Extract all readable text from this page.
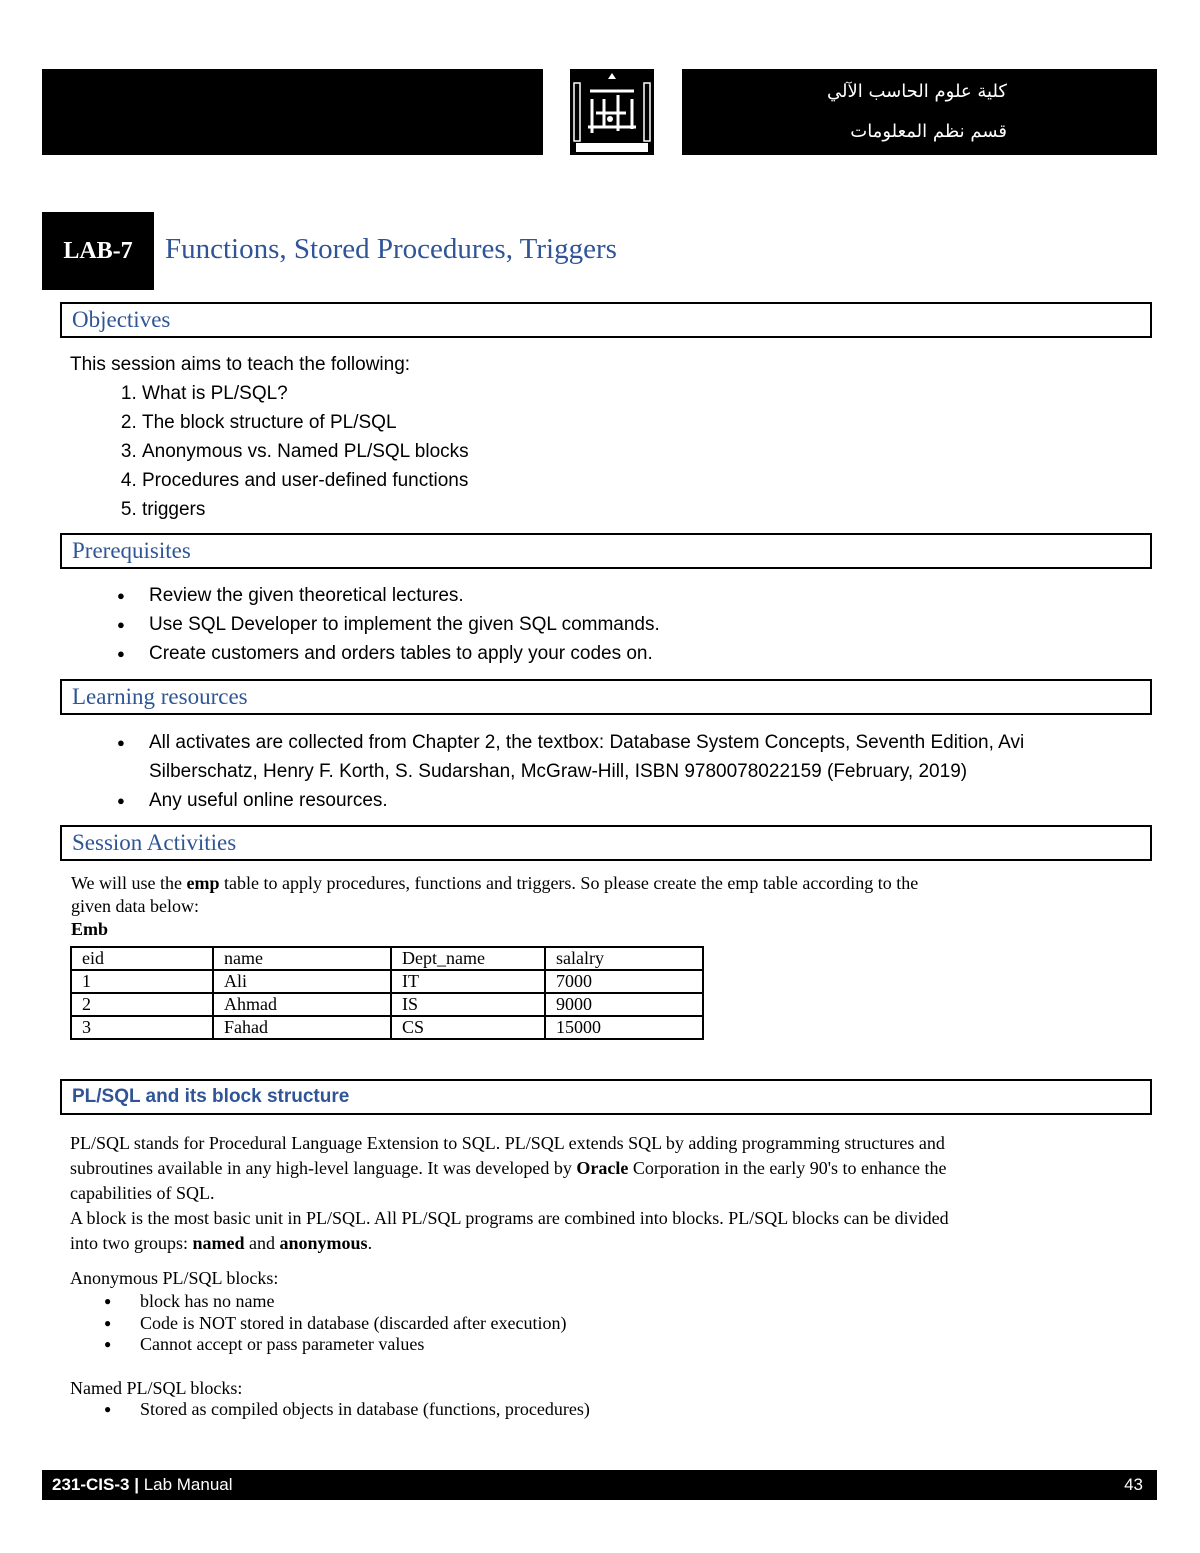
كلية علوم الحاسب الآلي
قسم نظم المعلومات
LAB-7	Functions, Stored Procedures, Triggers
Objectives
This session aims to teach the following:
1. What is PL/SQL?
2. The block structure of PL/SQL
3. Anonymous vs. Named PL/SQL blocks
4. Procedures and user-defined functions
5. triggers
Prerequisites
● Review the given theoretical lectures.
● Use SQL Developer to implement the given SQL commands.
● Create customers and orders tables to apply your codes on.
Learning resources
● All activates are collected from Chapter 2, the textbox: Database System Concepts, Seventh Edition, Avi
Silberschatz, Henry F. Korth, S. Sudarshan, McGraw-Hill, ISBN 9780078022159 (February, 2019)
● Any useful online resources.
Session Activities
We will use the emp table to apply procedures, functions and triggers. So please create the emp table according to the
given data below:
Emb
eid	name	Dept_name	salalry
1	Ali	IT	7000
2	Ahmad	IS	9000
3	Fahad	CS	15000
PL/SQL and its block structure
PL/SQL stands for Procedural Language Extension to SQL. PL/SQL extends SQL by adding programming structures and
subroutines available in any high-level language. It was developed by Oracle Corporation in the early 90's to enhance the
capabilities of SQL.
A block is the most basic unit in PL/SQL. All PL/SQL programs are combined into blocks. PL/SQL blocks can be divided
into two groups: named and anonymous.
Anonymous PL/SQL blocks:
● block has no name
● Code is NOT stored in database (discarded after execution)
● Cannot accept or pass parameter values
Named PL/SQL blocks:
● Stored as compiled objects in database (functions, procedures)
231-CIS-3 | Lab Manual	43
